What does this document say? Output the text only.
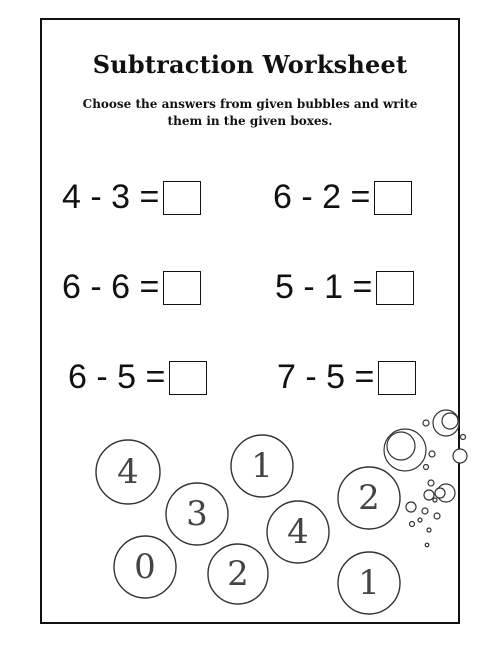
Subtraction Worksheet
Choose the answers from given bubbles and write them in the given boxes.
4 - 3 =	6 - 2 =
6 - 6 =	5 - 1 =
6 - 5 =	7 - 5 =
4	1
3	2
4
0 2	1
